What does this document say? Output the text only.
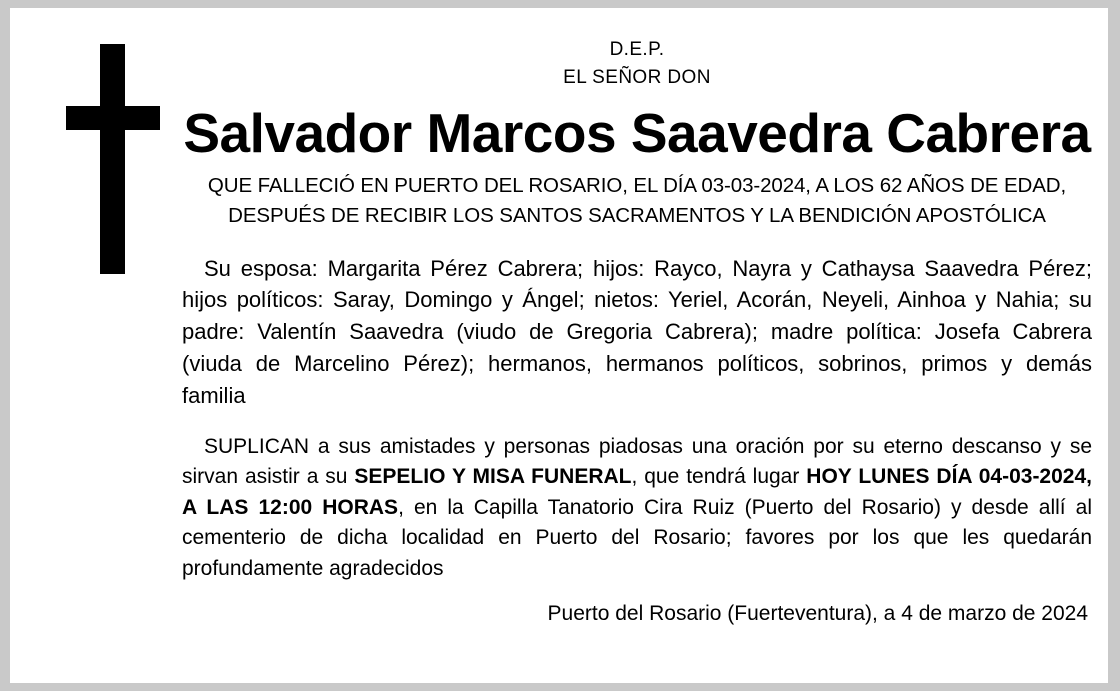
D.E.P.
EL SEÑOR DON
Salvador Marcos Saavedra Cabrera
QUE FALLECIÓ EN PUERTO DEL ROSARIO, EL DÍA 03-03-2024, A LOS 62 AÑOS DE EDAD,
DESPUÉS DE RECIBIR LOS SANTOS SACRAMENTOS Y LA BENDICIÓN APOSTÓLICA
Su esposa: Margarita Pérez Cabrera; hijos: Rayco, Nayra y Cathaysa Saavedra Pérez; hijos políticos: Saray, Domingo y Ángel; nietos: Yeriel, Acorán, Neyeli, Ainhoa y Nahia; su padre: Valentín Saavedra (viudo de Gregoria Cabrera); madre política: Josefa Cabrera (viuda de Marcelino Pérez); hermanos, hermanos políticos, sobrinos, primos y demás familia
SUPLICAN a sus amistades y personas piadosas una oración por su eterno descanso y se sirvan asistir a su SEPELIO Y MISA FUNERAL, que tendrá lugar HOY LUNES DÍA 04-03-2024, A LAS 12:00 HORAS, en la Capilla Tanatorio Cira Ruiz (Puerto del Rosario) y desde allí al cementerio de dicha localidad en Puerto del Rosario; favores por los que les quedarán profundamente agradecidos
Puerto del Rosario (Fuerteventura), a 4 de marzo de 2024
